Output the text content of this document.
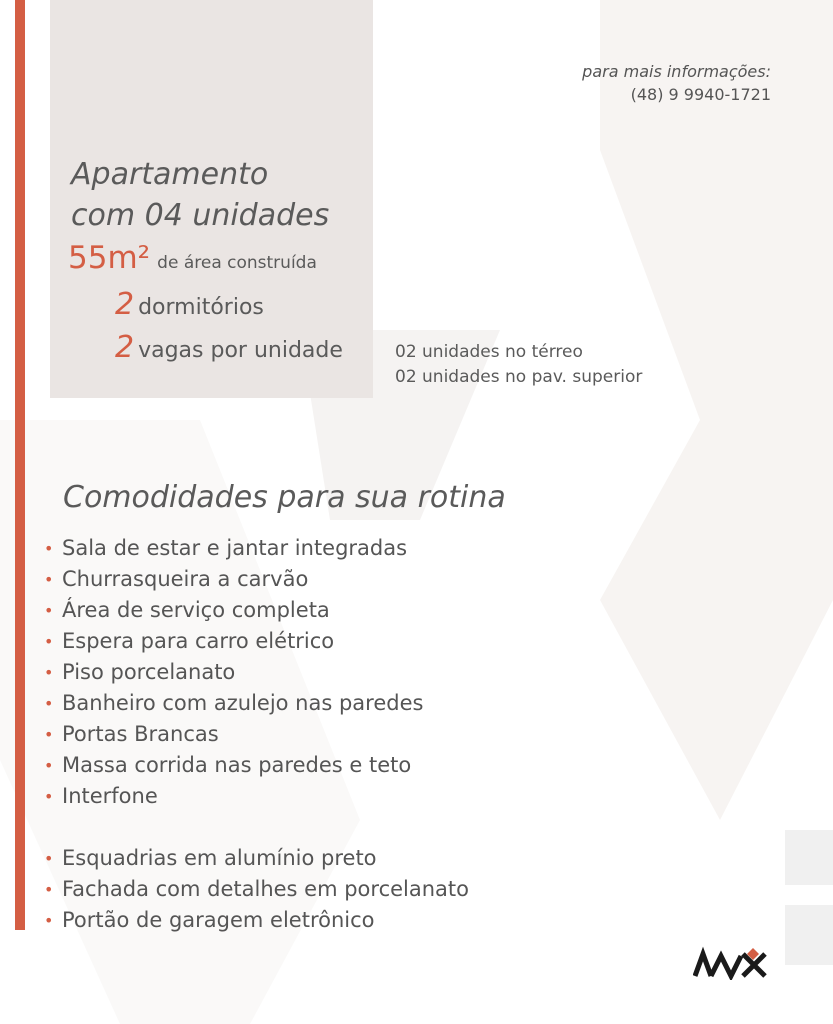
para mais informações:
(48) 9 9940-1721
Apartamento
com 04 unidades
55m² de área construída
2 dormitórios
2 vagas por unidade	02 unidades no térreo
02 unidades no pav. superior
Comodidades para sua rotina
• Sala de estar e jantar integradas
• Churrasqueira a carvão
• Área de serviço completa
• Espera para carro elétrico
• Piso porcelanato
• Banheiro com azulejo nas paredes
• Portas Brancas
• Massa corrida nas paredes e teto
• Interfone
• Esquadrias em alumínio preto
• Fachada com detalhes em porcelanato
• Portão de garagem eletrônico
